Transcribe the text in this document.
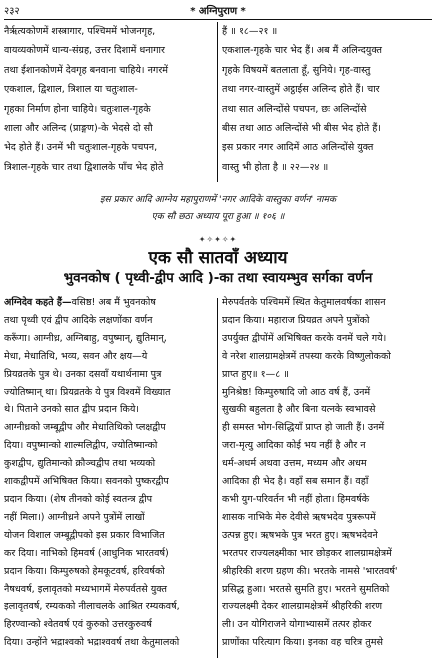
२३२	* अग्निपुराण *
नैर्ऋत्यकोणमें शस्त्रागार, पश्चिममें भोजनगृह,
वायव्यकोणमें धान्य-संग्रह, उत्तर दिशामें धनागार
तथा ईशानकोणमें देवगृह बनवाना चाहिये। नगरमें
एकशाल, द्विशाल, त्रिशाल या चतुःशाल-
गृहका निर्माण होना चाहिये। चतुःशाल-गृहके
शाला और अलिन्द (प्राङ्गण)-के भेदसे दो सौ
भेद होते हैं। उनमें भी चतुःशाल-गृहके पचपन,
त्रिशाल-गृहके चार तथा द्विशालके पाँच भेद होते
हैं ॥ १८—२१ ॥
एकशाल-गृहके चार भेद हैं। अब मैं अलिन्दयुक्त
गृहके विषयमें बतलाता हूँ, सुनिये। गृह-वास्तु
तथा नगर-वास्तुमें अट्ठाईस अलिन्द होते हैं। चार
तथा सात अलिन्दोंसे पचपन, छः अलिन्दोंसे
बीस तथा आठ अलिन्दोंसे भी बीस भेद होते हैं।
इस प्रकार नगर आदिमें आठ अलिन्दोंसे युक्त
वास्तु भी होता है ॥ २२—२४ ॥
इस प्रकार आदि आग्नेय महापुराणमें 'नगर आदिके वास्तुका वर्णन' नामक
एक सौ छठा अध्याय पूरा हुआ ॥ १०६ ॥
✦✧✦✧✦
एक सौ सातवाँ अध्याय
भुवनकोष ( पृथ्वी-द्वीप आदि )-का तथा स्वायम्भुव सर्गका वर्णन
अग्निदेव कहते हैं—वसिष्ठ! अब मैं भुवनकोष
तथा पृथ्वी एवं द्वीप आदिके लक्षणोंका वर्णन
करूँगा। आग्नीध्र, अग्निबाहु, वपुष्मान्, द्युतिमान्,
मेधा, मेधातिथि, भव्य, सवन और क्षय—ये
प्रियव्रतके पुत्र थे। उनका दसवाँ यथार्थनामा पुत्र
ज्योतिष्मान् था। प्रियव्रतके ये पुत्र विश्वमें विख्यात
थे। पिताने उनको सात द्वीप प्रदान किये।
आग्नीध्रको जम्बूद्वीप और मेधातिथिको प्लक्षद्वीप
दिया। वपुष्मान्को शाल्मलिद्वीप, ज्योतिष्मान्को
कुशद्वीप, द्युतिमान्को क्रौञ्चद्वीप तथा भव्यको
शाकद्वीपमें अभिषिक्त किया। सवनको पुष्करद्वीप
प्रदान किया। (शेष तीनको कोई स्वतन्त्र द्वीप
नहीं मिला।) आग्नीध्रने अपने पुत्रोंमें लाखों
योजन विशाल जम्बूद्वीपको इस प्रकार विभाजित
कर दिया। नाभिको हिमवर्ष (आधुनिक भारतवर्ष)
प्रदान किया। किम्पुरुषको हेमकूटवर्ष, हरिवर्षको
नैषधवर्ष, इलावृतको मध्यभागमें मेरुपर्वतसे युक्त
इलावृतवर्ष, रम्यकको नीलाचलके आश्रित रम्यकवर्ष,
हिरण्वान्को श्वेतवर्ष एवं कुरुको उत्तरकुरुवर्ष
दिया। उन्होंने भद्राश्वको भद्राश्ववर्ष तथा केतुमालको
मेरुपर्वतके पश्चिममें स्थित केतुमालवर्षका शासन
प्रदान किया। महाराज प्रियव्रत अपने पुत्रोंको
उपर्युक्त द्वीपोंमें अभिषिक्त करके वनमें चले गये।
वे नरेश शालग्रामक्षेत्रमें तपस्या करके विष्णुलोकको
प्राप्त हुए॥ १—८ ॥
मुनिश्रेष्ठ! किम्पुरुषादि जो आठ वर्ष हैं, उनमें
सुखकी बहुलता है और बिना यत्नके स्वभावसे
ही समस्त भोग-सिद्धियाँ प्राप्त हो जाती हैं। उनमें
जरा-मृत्यु आदिका कोई भय नहीं है और न
धर्म-अधर्म अथवा उत्तम, मध्यम और अधम
आदिका ही भेद है। वहाँ सब समान हैं। वहाँ
कभी युग-परिवर्तन भी नहीं होता। हिमवर्षके
शासक नाभिके मेरु देवीसे ऋषभदेव पुत्ररूपमें
उत्पन्न हुए। ऋषभके पुत्र भरत हुए। ऋषभदेवने
भरतपर राज्यलक्ष्मीका भार छोड़कर शालग्रामक्षेत्रमें
श्रीहरिकी शरण ग्रहण की। भरतके नामसे 'भारतवर्ष'
प्रसिद्ध हुआ। भरतसे सुमति हुए। भरतने सुमतिको
राज्यलक्ष्मी देकर शालग्रामक्षेत्रमें श्रीहरिकी शरण
ली। उन योगिराजने योगाभ्यासमें तत्पर होकर
प्राणोंका परित्याग किया। इनका वह चरित्र तुमसे
